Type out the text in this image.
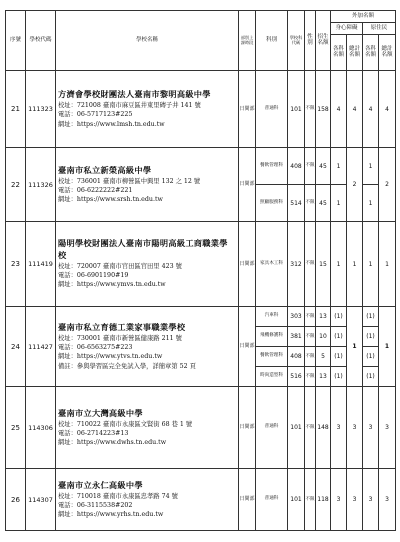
序號	學校代碼	學校名稱	部別上課時段	科別	學校科代碼	性別	招生名額	外加名額			
								身心障礙		原住民	
								各科名額	總計名額	各科名額	總計名額
21	111323	方濟會學校財團法人臺南市黎明高級中學
校址：721008 臺南市麻豆區井東里磚子井 141 號
電話：06-5717123#225
網址：https://www.lmsh.tn.edu.tw	日間部	普通科	101	不限	158	4	4	4	4
22	111326	臺南市私立新榮高級中學
校址：736001 臺南市柳營區中興里 132 之 12 號
電話：06-6222222#221
網址：https://www.srsh.tn.edu.tw	日間部	餐飲管理科	408	不限	45	1	2	1	2
				照顧服務科	514	不限	45	1		1	
23	111419	陽明學校財團法人臺南市陽明高級工商職業學校
校址：720007 臺南市官田區官田里 423 號
電話：06-6901190#19
網址：https://www.ymvs.tn.edu.tw	日間部	家具木工科	312	不限	15	1	1	1	1
24	111427	臺南市私立育德工業家事職業學校
校址：730001 臺南市新營區健康路 211 號
電話：06-6563275#223
網址：https://www.ytvs.tn.edu.tw
備註：參與學習區完全免試入學，詳簡章第 52 頁	日間部	汽車科	303	不限	13	(1)	1	(1)	1
				飛機修護科	381	不限	10	(1)		(1)	
				餐飲管理科	408	不限	5	(1)		(1)	
				時尚造型科	516	不限	13	(1)		(1)	
25	114306	臺南市立大灣高級中學
校址：710022 臺南市永康區文賢街 68 巷 1 號
電話：06-2714223#13
網址：https://www.dwhs.tn.edu.tw	日間部	普通科	101	不限	148	3	3	3	3
26	114307	臺南市立永仁高級中學
校址：710018 臺南市永康區忠孝路 74 號
電話：06-3115538#202
網址：https://www.yrhs.tn.edu.tw	日間部	普通科	101	不限	118	3	3	3	3
